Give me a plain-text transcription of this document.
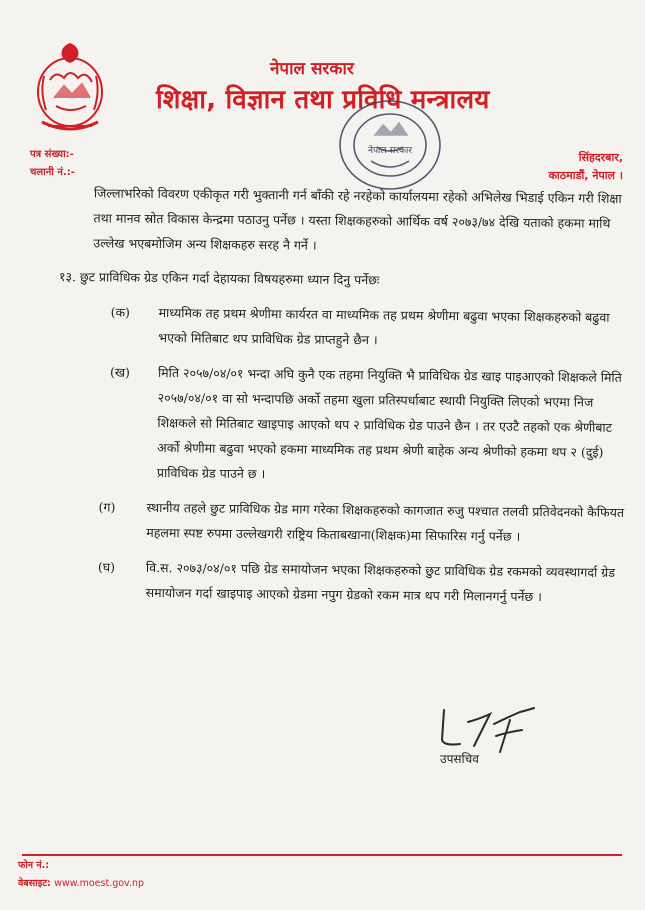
नेपाल सरकार
शिक्षा, विज्ञान तथा प्रविधि मन्त्रालय
नेपाल सरकार
पत्र संख्या:-
चलानी नं.:-
सिंहदरबार,
काठमाडौं, नेपाल ।

जिल्लाभरिको विवरण एकीकृत गरी भुक्तानी गर्न बाँकी रहे नरहेको कार्यालयमा रहेको अभिलेख भिडाई एकिन गरी शिक्षा तथा मानव स्रोत विकास केन्द्रमा पठाउनु पर्नेछ । यस्ता शिक्षकहरुको आर्थिक वर्ष २०७३/७४ देखि यताको हकमा माथि उल्लेख भएबमोजिम अन्य शिक्षकहरु सरह नै गर्ने ।

१३. छुट प्राविधिक ग्रेड एकिन गर्दा देहायका विषयहरुमा ध्यान दिनु पर्नेछः

(क)	माध्यमिक तह प्रथम श्रेणीमा कार्यरत वा माध्यमिक तह प्रथम श्रेणीमा बढुवा भएका शिक्षकहरुको बढुवा भएको मितिबाट थप प्राविधिक ग्रेड प्राप्तहुने छैन ।
(ख)	मिति २०५७/०४/०१ भन्दा अघि कुनै एक तहमा नियुक्ति भै प्राविधिक ग्रेड खाइ पाइआएको शिक्षकले मिति २०५७/०४/०१ वा सो भन्दापछि अर्को तहमा खुला प्रतिस्पर्धाबाट स्थायी नियुक्ति लिएको भएमा निज शिक्षकले सो मितिबाट खाइपाइ आएको थप २ प्राविधिक ग्रेड पाउने छैन । तर एउटै तहको एक श्रेणीबाट अर्को श्रेणीमा बढुवा भएको हकमा माध्यमिक तह प्रथम श्रेणी बाहेक अन्य श्रेणीको हकमा थप २ (दुई) प्राविधिक ग्रेड पाउने छ ।
(ग)	स्थानीय तहले छुट प्राविधिक ग्रेड माग गरेका शिक्षकहरुको कागजात रुजु पश्चात तलवी प्रतिवेदनको कैफियत महलमा स्पष्ट रुपमा उल्लेखगरी राष्ट्रिय किताबखाना(शिक्षक)मा सिफारिस गर्नु पर्नेछ ।
(घ)	वि.स. २०७३/०४/०१ पछि ग्रेड समायोजन भएका शिक्षकहरुको छुट प्राविधिक ग्रेड रकमको व्यवस्थागर्दा ग्रेड समायोजन गर्दा खाइपाइ आएको ग्रेडमा नपुग ग्रेडको रकम मात्र थप गरी मिलानगर्नु पर्नेछ ।
उपसचिव
फोन नं.:
वेबसाइट: www.moest.gov.np
